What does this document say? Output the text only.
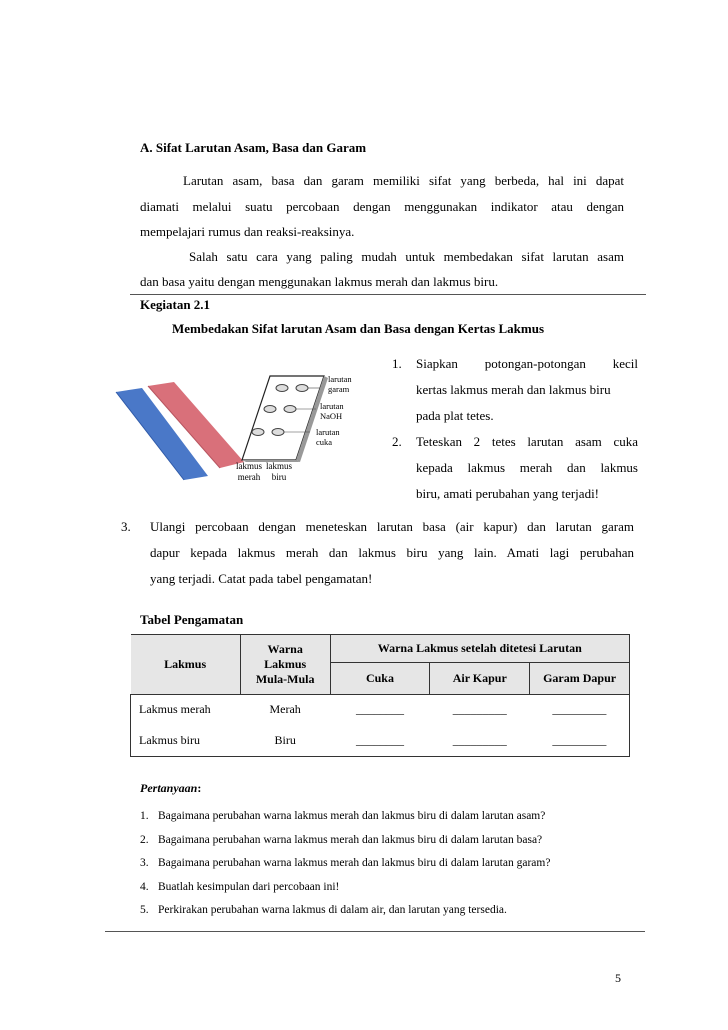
A. Sifat Larutan Asam, Basa dan Garam
Larutan asam, basa dan garam memiliki sifat yang berbeda, hal ini dapat
diamati melalui suatu percobaan dengan menggunakan indikator atau dengan
mempelajari rumus dan reaksi-reaksinya.
Salah satu cara yang paling mudah untuk membedakan sifat larutan asam
dan basa yaitu dengan menggunakan lakmus merah dan lakmus biru.
Kegiatan 2.1
Membedakan Sifat larutan Asam dan Basa dengan Kertas Lakmus
larutan
garam
larutan
NaOH
larutan
cuka
lakmus
merah
lakmus
biru
1. Siapkan potongan-potongan kecil
kertas lakmus merah dan lakmus biru
pada plat tetes.
2. Teteskan 2 tetes larutan asam cuka
kepada lakmus merah dan lakmus
biru, amati perubahan yang terjadi!
3. Ulangi percobaan dengan meneteskan larutan basa (air kapur) dan larutan garam
dapur kepada lakmus merah dan lakmus biru yang lain. Amati lagi perubahan
yang terjadi. Catat pada tabel pengamatan!
Tabel Pengamatan
Lakmus	Warna
Lakmus
Mula-Mula	Warna Lakmus setelah ditetesi Larutan		
		Cuka	Air Kapur	Garam Dapur
Lakmus merah	Merah	________	_________	_________
Lakmus biru	Biru	________	_________	_________
Pertanyaan:
1. Bagaimana perubahan warna lakmus merah dan lakmus biru di dalam larutan asam?
2. Bagaimana perubahan warna lakmus merah dan lakmus biru di dalam larutan basa?
3. Bagaimana perubahan warna lakmus merah dan lakmus biru di dalam larutan garam?
4. Buatlah kesimpulan dari percobaan ini!
5. Perkirakan perubahan warna lakmus di dalam air, dan larutan yang tersedia.
5
